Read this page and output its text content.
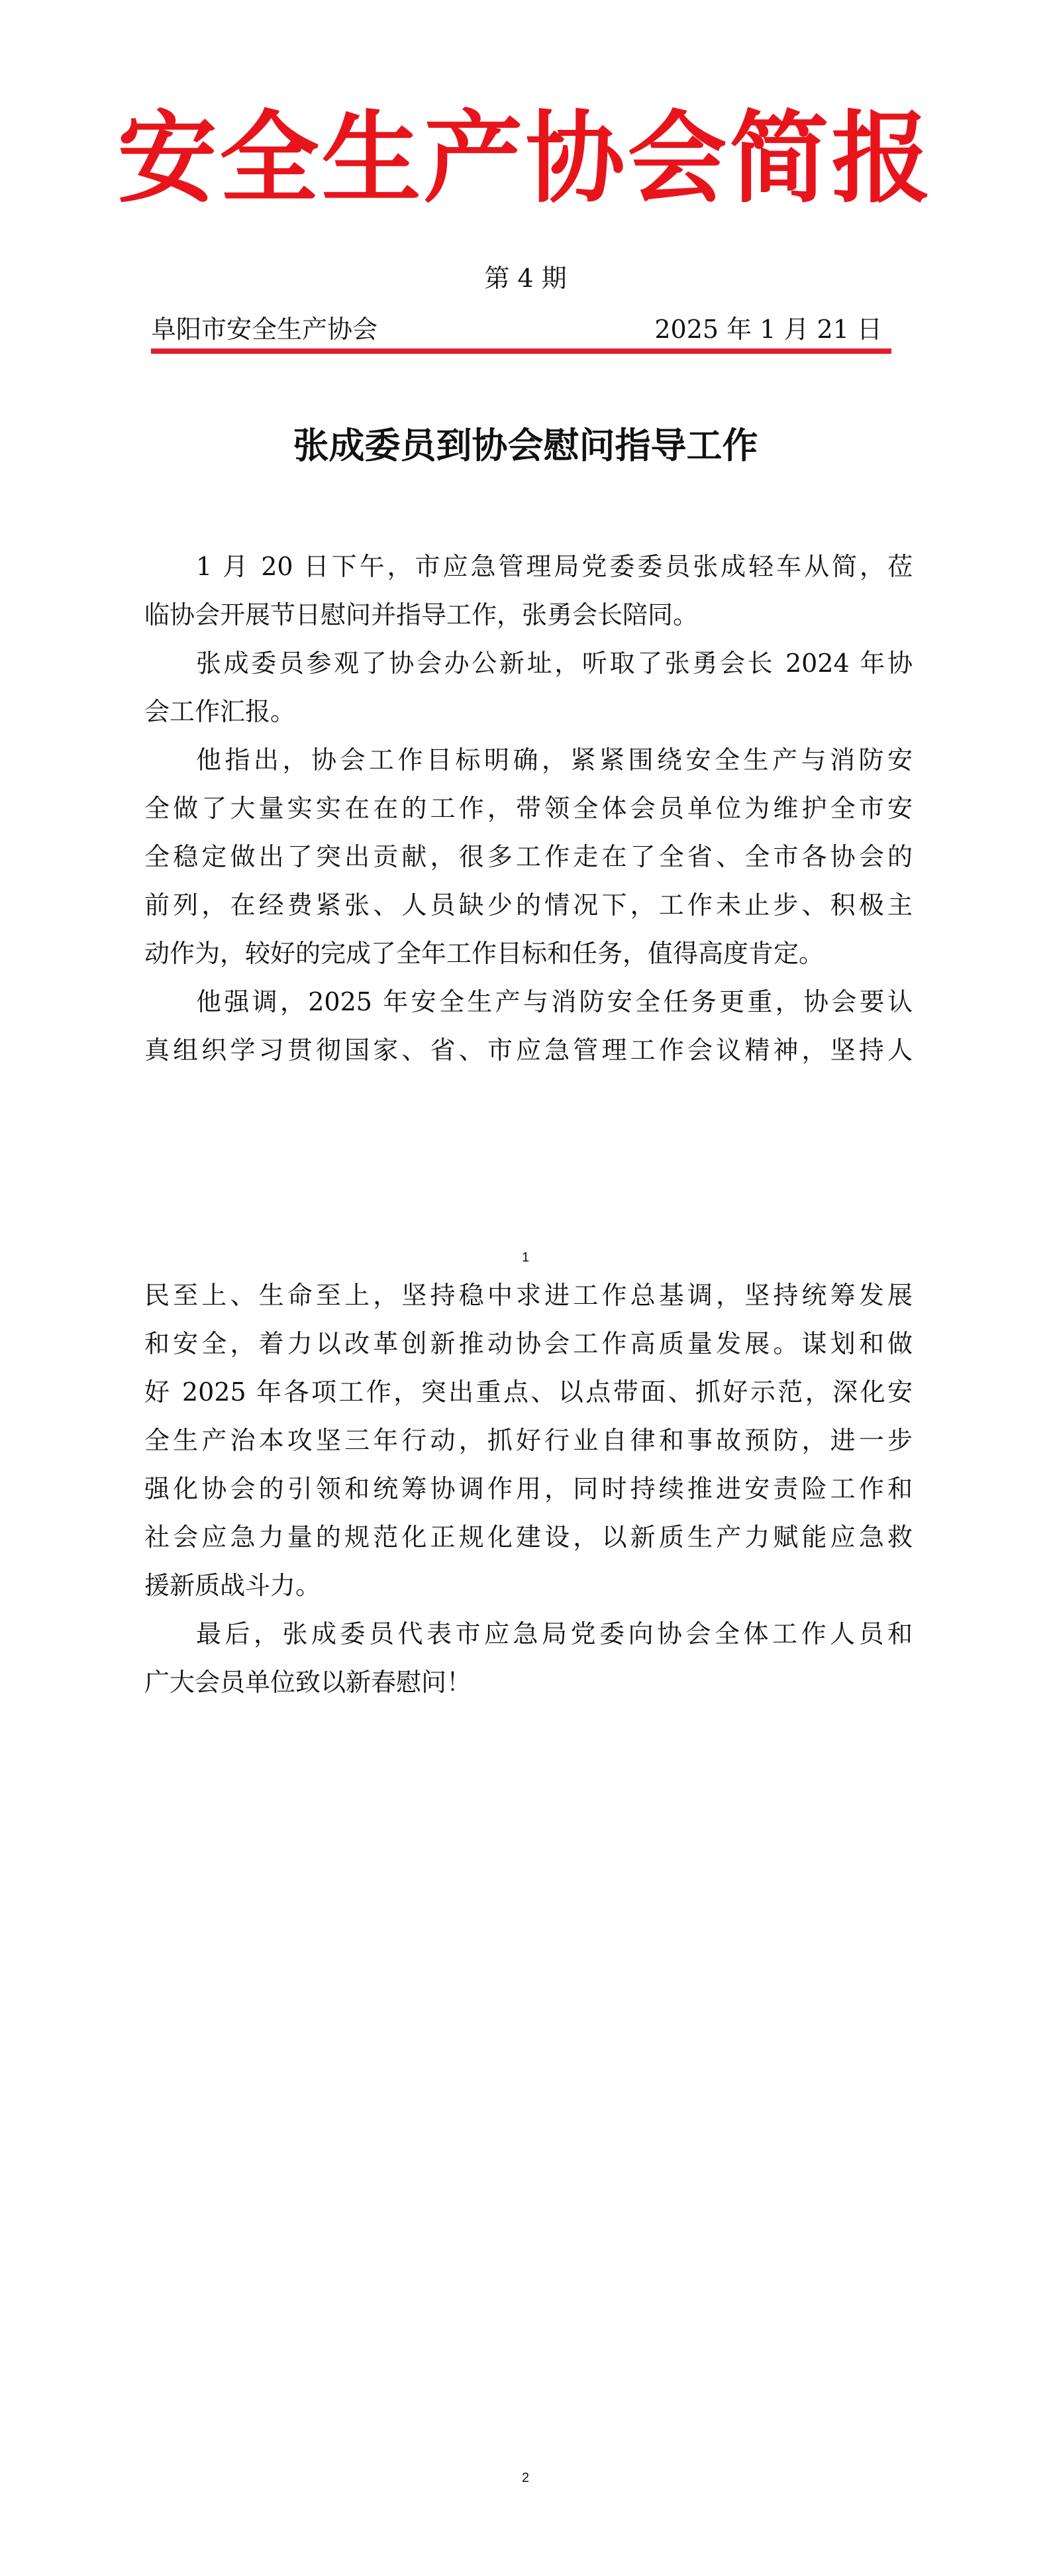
安全生产协会简报
第 4 期
阜阳市安全生产协会	2025 年 1 月 21 日
张成委员到协会慰问指导工作
1 月 20 日下午，市应急管理局党委委员张成轻车从简，莅
临协会开展节日慰问并指导工作，张勇会长陪同。
张成委员参观了协会办公新址，听取了张勇会长 2024 年协
会工作汇报。
他指出，协会工作目标明确，紧紧围绕安全生产与消防安
全做了大量实实在在的工作，带领全体会员单位为维护全市安
全稳定做出了突出贡献，很多工作走在了全省、全市各协会的
前列，在经费紧张、人员缺少的情况下，工作未止步、积极主
动作为，较好的完成了全年工作目标和任务，值得高度肯定。
他强调，2025 年安全生产与消防安全任务更重，协会要认
真组织学习贯彻国家、省、市应急管理工作会议精神，坚持人
1
民至上、生命至上，坚持稳中求进工作总基调，坚持统筹发展
和安全，着力以改革创新推动协会工作高质量发展。谋划和做
好 2025 年各项工作，突出重点、以点带面、抓好示范，深化安
全生产治本攻坚三年行动，抓好行业自律和事故预防，进一步
强化协会的引领和统筹协调作用，同时持续推进安责险工作和
社会应急力量的规范化正规化建设，以新质生产力赋能应急救
援新质战斗力。
最后，张成委员代表市应急局党委向协会全体工作人员和
广大会员单位致以新春慰问！
2
